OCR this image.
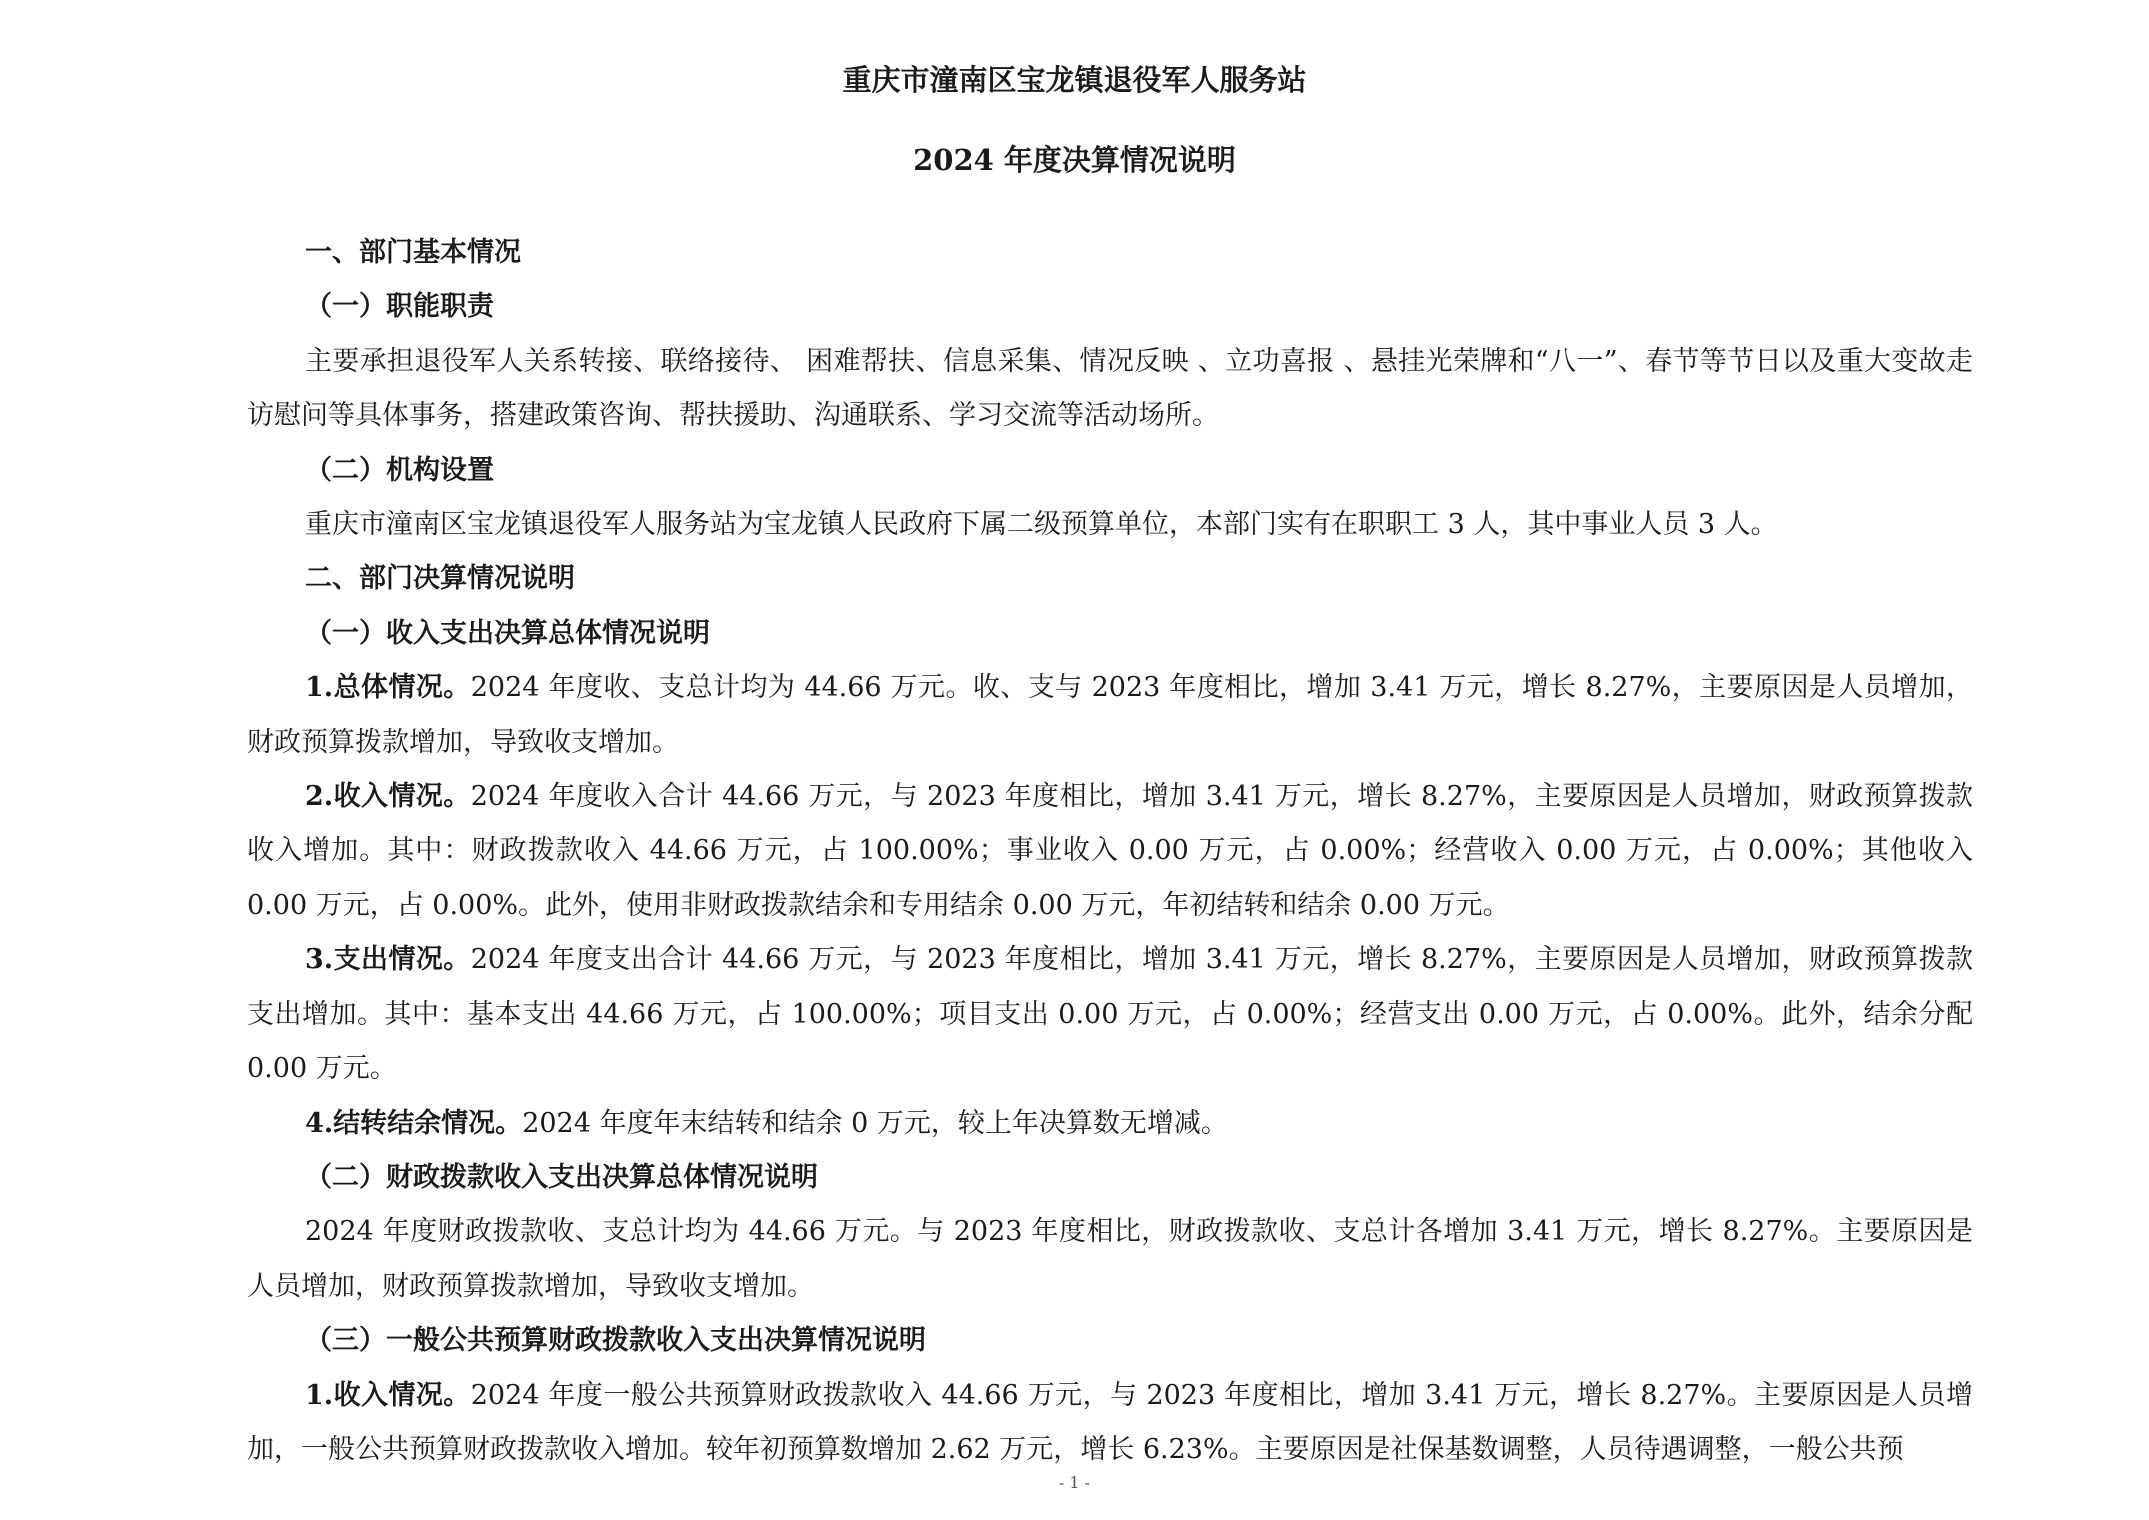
重庆市潼南区宝龙镇退役军人服务站
2024 年度决算情况说明

一、部门基本情况

（一）职能职责

主要承担退役军人关系转接、联络接待、 困难帮扶、信息采集、情况反映 、立功喜报 、悬挂光荣牌和“八一”、春节等节日以及重大变故走访慰问等具体事务，搭建政策咨询、帮扶援助、沟通联系、学习交流等活动场所。

（二）机构设置

重庆市潼南区宝龙镇退役军人服务站为宝龙镇人民政府下属二级预算单位，本部门实有在职职工 3 人，其中事业人员 3 人。

二、部门决算情况说明

（一）收入支出决算总体情况说明

1.总体情况。2024 年度收、支总计均为 44.66 万元。收、支与 2023 年度相比，增加 3.41 万元，增长 8.27%，主要原因是人员增加，财政预算拨款增加，导致收支增加。

2.收入情况。2024 年度收入合计 44.66 万元，与 2023 年度相比，增加 3.41 万元，增长 8.27%，主要原因是人员增加，财政预算拨款收入增加。其中：财政拨款收入 44.66 万元，占 100.00%；事业收入 0.00 万元，占 0.00%；经营收入 0.00 万元，占 0.00%；其他收入 0.00 万元，占 0.00%。此外，使用非财政拨款结余和专用结余 0.00 万元，年初结转和结余 0.00 万元。

3.支出情况。2024 年度支出合计 44.66 万元，与 2023 年度相比，增加 3.41 万元，增长 8.27%，主要原因是人员增加，财政预算拨款支出增加。其中：基本支出 44.66 万元，占 100.00%；项目支出 0.00 万元，占 0.00%；经营支出 0.00 万元，占 0.00%。此外，结余分配 0.00 万元。

4.结转结余情况。2024 年度年末结转和结余 0 万元，较上年决算数无增减。

（二）财政拨款收入支出决算总体情况说明

2024 年度财政拨款收、支总计均为 44.66 万元。与 2023 年度相比，财政拨款收、支总计各增加 3.41 万元，增长 8.27%。主要原因是人员增加，财政预算拨款增加，导致收支增加。

（三）一般公共预算财政拨款收入支出决算情况说明

1.收入情况。2024 年度一般公共预算财政拨款收入 44.66 万元，与 2023 年度相比，增加 3.41 万元，增长 8.27%。主要原因是人员增加，一般公共预算财政拨款收入增加。较年初预算数增加 2.62 万元，增长 6.23%。主要原因是社保基数调整，人员待遇调整，一般公共预

- 1 -
